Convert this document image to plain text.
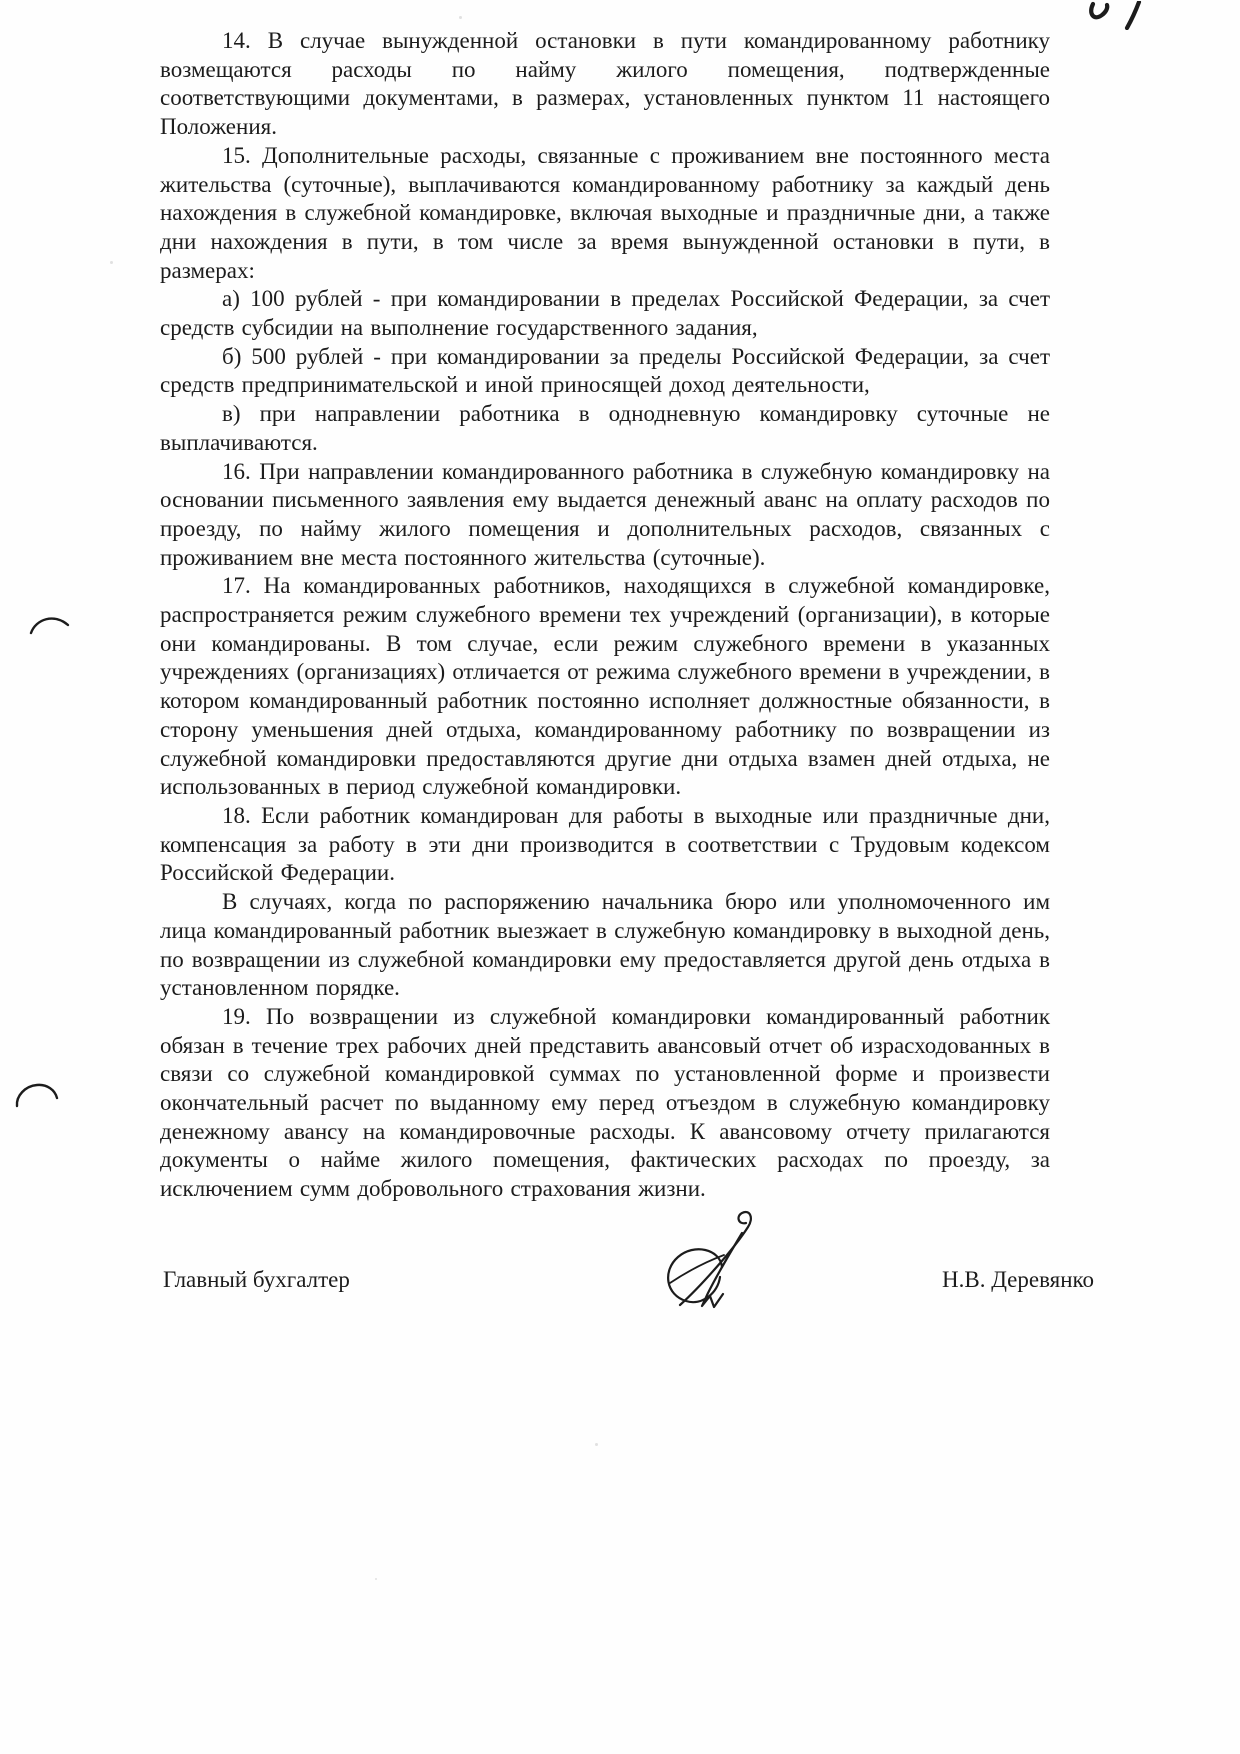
14. В случае вынужденной остановки в пути командированному работнику возмещаются расходы по найму жилого помещения, подтвержденные соответствующими документами, в размерах, установленных пунктом 11 настоящего Положения.

15. Дополнительные расходы, связанные с проживанием вне постоянного места жительства (суточные), выплачиваются командированному работнику за каждый день нахождения в служебной командировке, включая выходные и праздничные дни, а также дни нахождения в пути, в том числе за время вынужденной остановки в пути, в размерах:

а) 100 рублей - при командировании в пределах Российской Федерации, за счет средств субсидии на выполнение государственного задания,

б) 500 рублей - при командировании за пределы Российской Федерации, за счет средств предпринимательской и иной приносящей доход деятельности,

в) при направлении работника в однодневную командировку суточные не выплачиваются.

16. При направлении командированного работника в служебную командировку на основании письменного заявления ему выдается денежный аванс на оплату расходов по проезду, по найму жилого помещения и дополнительных расходов, связанных с проживанием вне места постоянного жительства (суточные).

17. На командированных работников, находящихся в служебной командировке, распространяется режим служебного времени тех учреждений (организации), в которые они командированы. В том случае, если режим служебного времени в указанных учреждениях (организациях) отличается от режима служебного времени в учреждении, в котором командированный работник постоянно исполняет должностные обязанности, в сторону уменьшения дней отдыха, командированному работнику по возвращении из служебной командировки предоставляются другие дни отдыха взамен дней отдыха, не использованных в период служебной командировки.

18. Если работник командирован для работы в выходные или праздничные дни, компенсация за работу в эти дни производится в соответствии с Трудовым кодексом Российской Федерации.

В случаях, когда по распоряжению начальника бюро или уполномоченного им лица командированный работник выезжает в служебную командировку в выходной день, по возвращении из служебной командировки ему предоставляется другой день отдыха в установленном порядке.

19. По возвращении из служебной командировки командированный работник обязан в течение трех рабочих дней представить авансовый отчет об израсходованных в связи со служебной командировкой суммах по установленной форме и произвести окончательный расчет по выданному ему перед отъездом в служебную командировку денежному авансу на командировочные расходы. К авансовому отчету прилагаются документы о найме жилого помещения, фактических расходах по проезду, за исключением сумм добровольного страхования жизни.

Главный бухгалтер	Н.В. Деревянко
